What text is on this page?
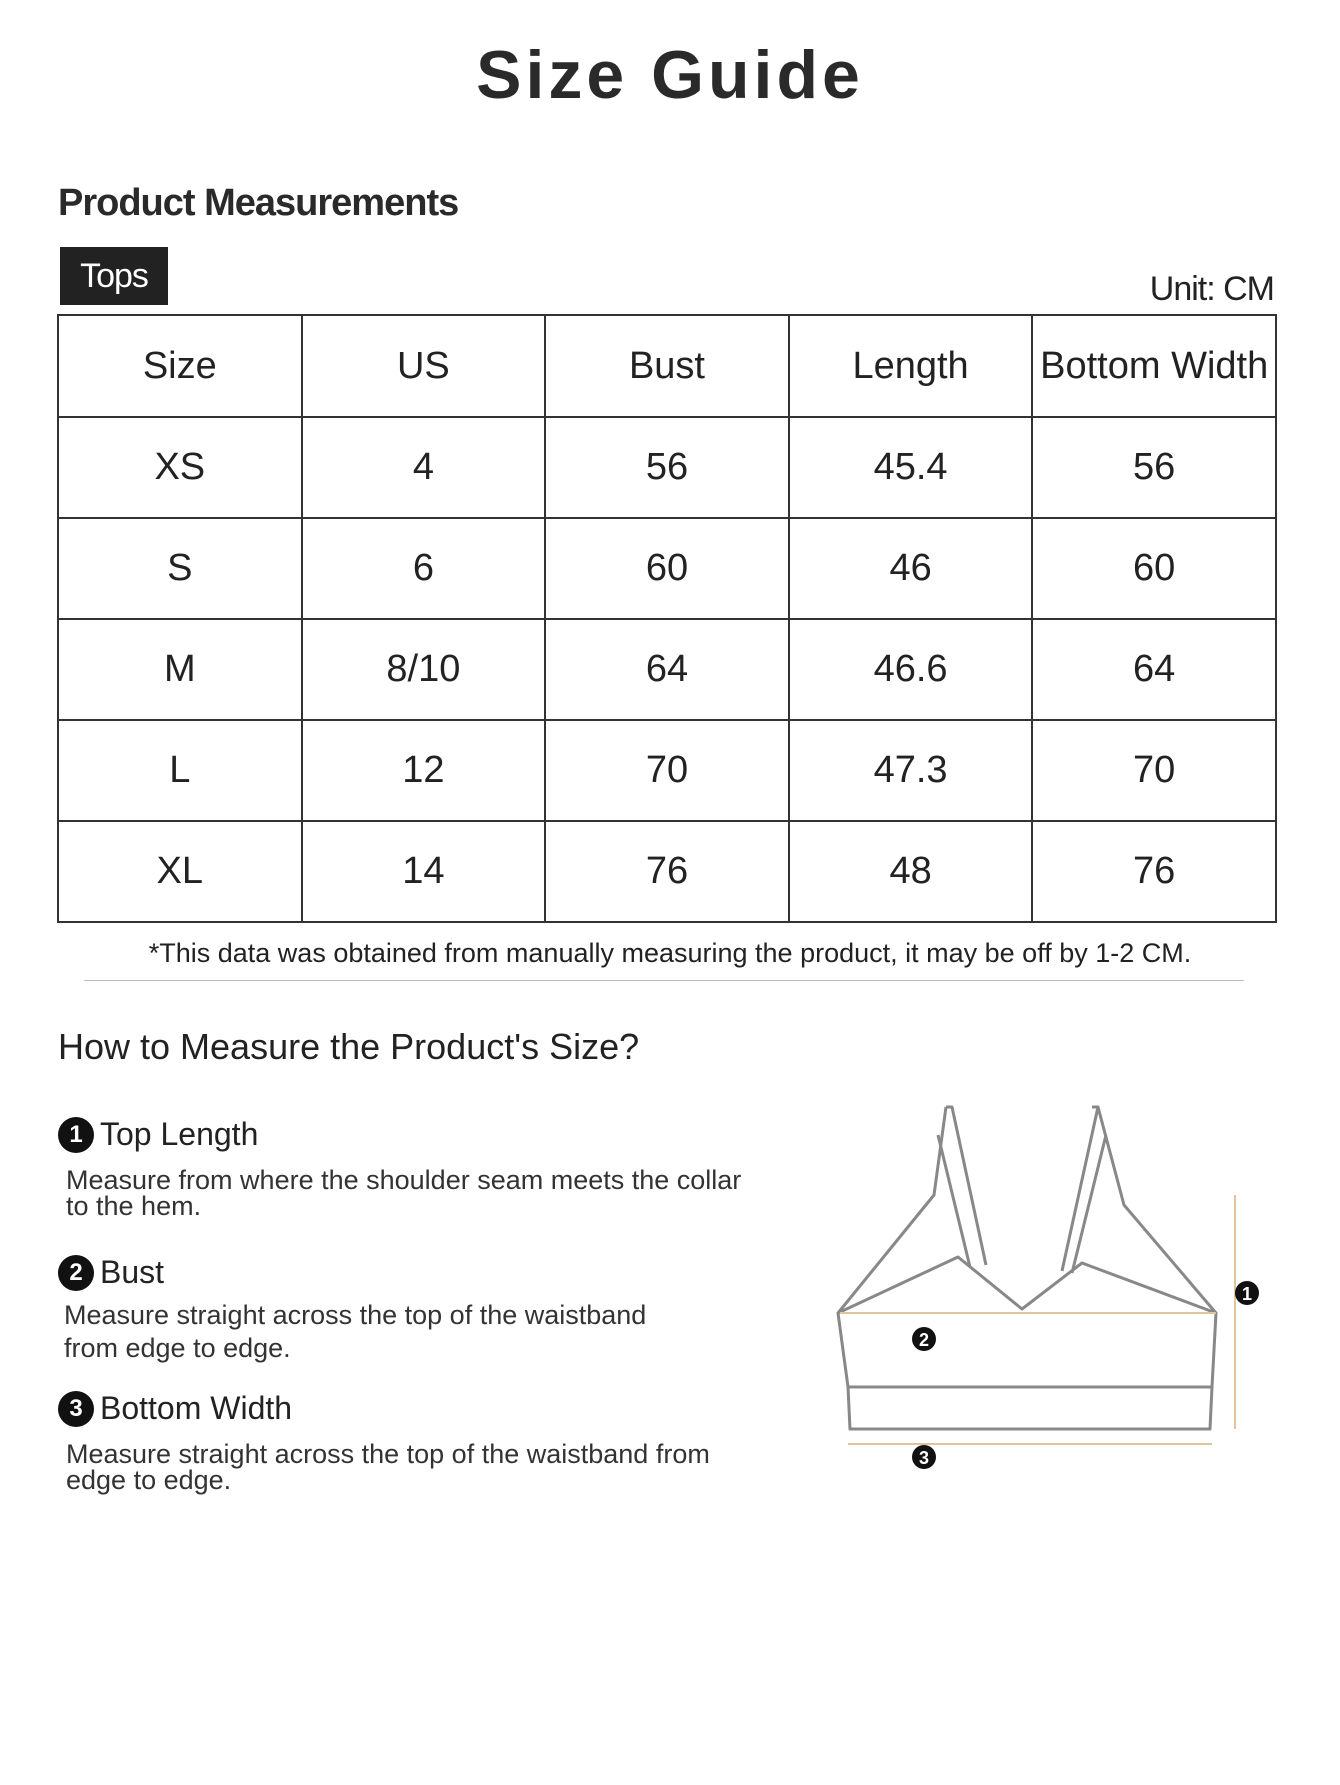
Size Guide
Product Measurements
Tops	Unit: CM
Size	US	Bust	Length	Bottom Width
XS	4	56	45.4	56
S	6	60	46	60
M	8/10	64	46.6	64
L	12	70	47.3	70
XL	14	76	48	76
*This data was obtained from manually measuring the product, it may be off by 1-2 CM.
How to Measure the Product's Size?
1 Top Length
Measure from where the shoulder seam meets the collar
to the hem.
2 Bust
Measure straight across the top of the waistband
from edge to edge.
3 Bottom Width
Measure straight across the top of the waistband from
edge to edge.
1
2
3
